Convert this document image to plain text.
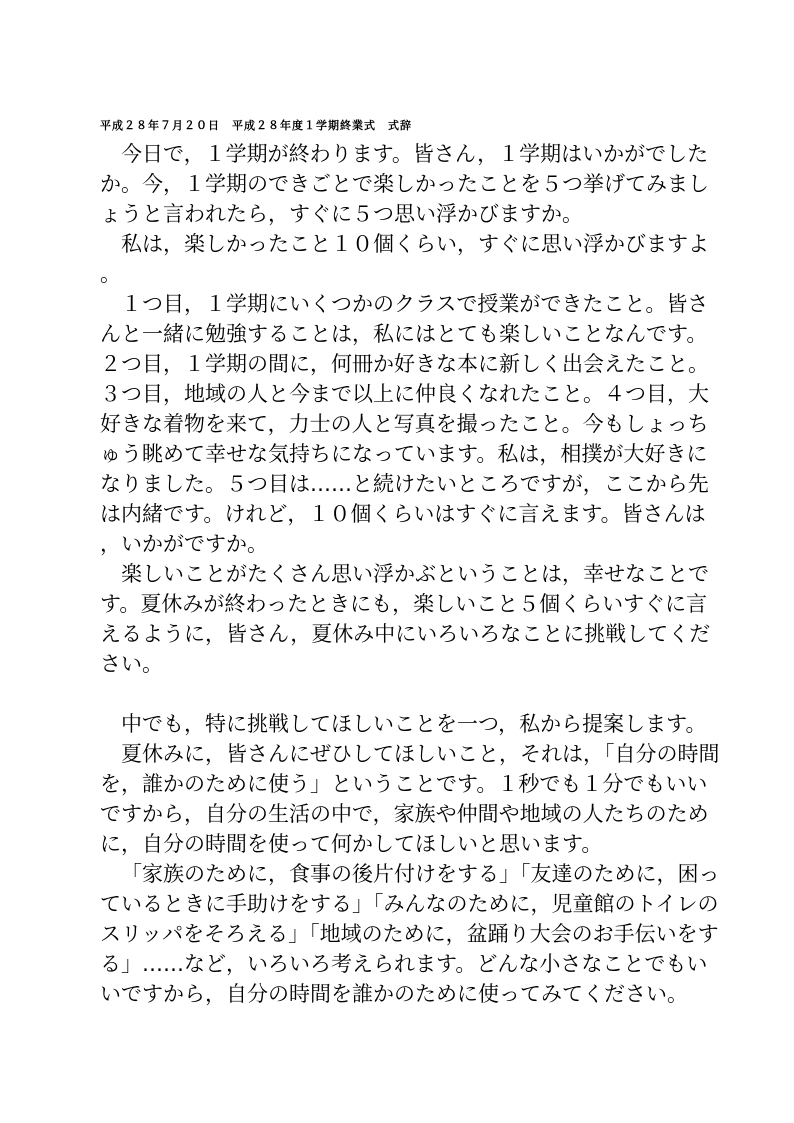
平成２８年７月２０日　平成２８年度１学期終業式　式辞

今日で，１学期が終わります。皆さん，１学期はいかがでしたか。今，１学期のできごとで楽しかったことを５つ挙げてみましょうと言われたら，すぐに５つ思い浮かびますか。

私は，楽しかったこと１０個くらい，すぐに思い浮かびますよ。

１つ目，１学期にいくつかのクラスで授業ができたこと。皆さんと一緒に勉強することは，私にはとても楽しいことなんです。２つ目，１学期の間に，何冊か好きな本に新しく出会えたこと。３つ目，地域の人と今まで以上に仲良くなれたこと。４つ目，大好きな着物を来て，力士の人と写真を撮ったこと。今もしょっちゅう眺めて幸せな気持ちになっています。私は，相撲が大好きになりました。５つ目は……と続けたいところですが，ここから先は内緒です。けれど，１０個くらいはすぐに言えます。皆さんは，いかがですか。

楽しいことがたくさん思い浮かぶということは，幸せなことです。夏休みが終わったときにも，楽しいこと５個くらいすぐに言えるように，皆さん，夏休み中にいろいろなことに挑戦してください。

中でも，特に挑戦してほしいことを一つ，私から提案します。

夏休みに，皆さんにぜひしてほしいこと，それは，「自分の時間を，誰かのために使う」ということです。１秒でも１分でもいいですから，自分の生活の中で，家族や仲間や地域の人たちのために，自分の時間を使って何かしてほしいと思います。

「家族のために，食事の後片付けをする」「友達のために，困っているときに手助けをする」「みんなのために，児童館のトイレのスリッパをそろえる」「地域のために，盆踊り大会のお手伝いをする」……など，いろいろ考えられます。どんな小さなことでもいいですから，自分の時間を誰かのために使ってみてください。
